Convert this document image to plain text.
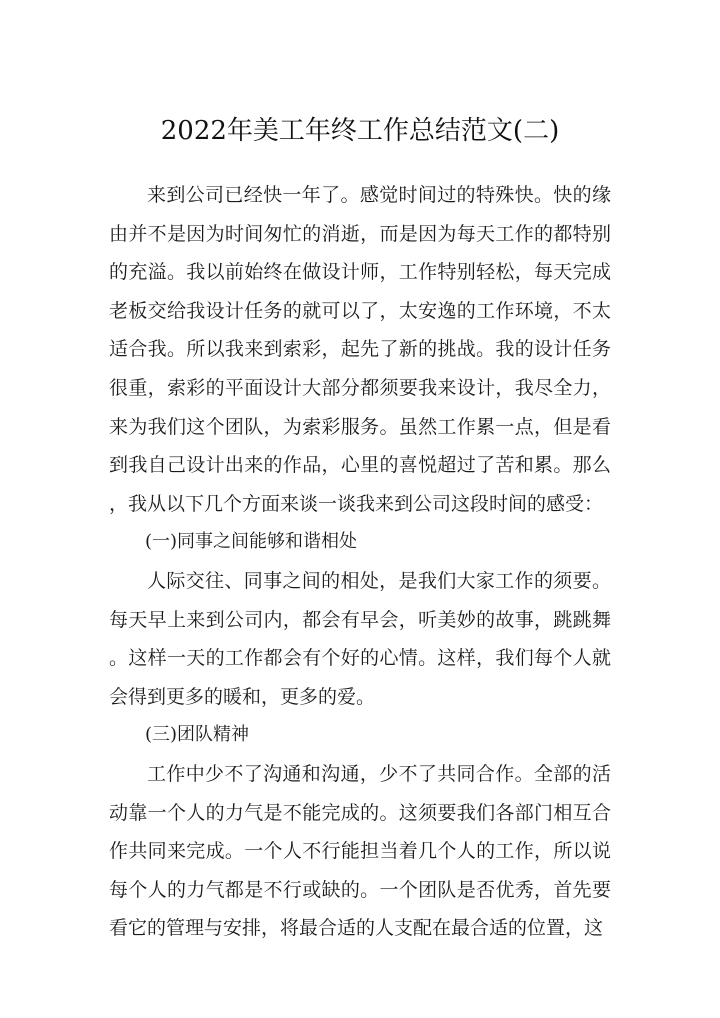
2022年美工年终工作总结范文(二)

来到公司已经快一年了。感觉时间过的特殊快。快的缘由并不是因为时间匆忙的消逝，而是因为每天工作的都特别的充溢。我以前始终在做设计师，工作特别轻松，每天完成老板交给我设计任务的就可以了，太安逸的工作环境，不太适合我。所以我来到索彩，起先了新的挑战。我的设计任务很重，索彩的平面设计大部分都须要我来设计，我尽全力，来为我们这个团队，为索彩服务。虽然工作累一点，但是看到我自己设计出来的作品，心里的喜悦超过了苦和累。那么，我从以下几个方面来谈一谈我来到公司这段时间的感受：

(一)同事之间能够和谐相处

人际交往、同事之间的相处，是我们大家工作的须要。每天早上来到公司内，都会有早会，听美妙的故事，跳跳舞。这样一天的工作都会有个好的心情。这样，我们每个人就会得到更多的暖和，更多的爱。

(三)团队精神

工作中少不了沟通和沟通，少不了共同合作。全部的活动靠一个人的力气是不能完成的。这须要我们各部门相互合作共同来完成。一个人不行能担当着几个人的工作，所以说每个人的力气都是不行或缺的。一个团队是否优秀，首先要看它的管理与安排，将最合适的人支配在最合适的位置，这
